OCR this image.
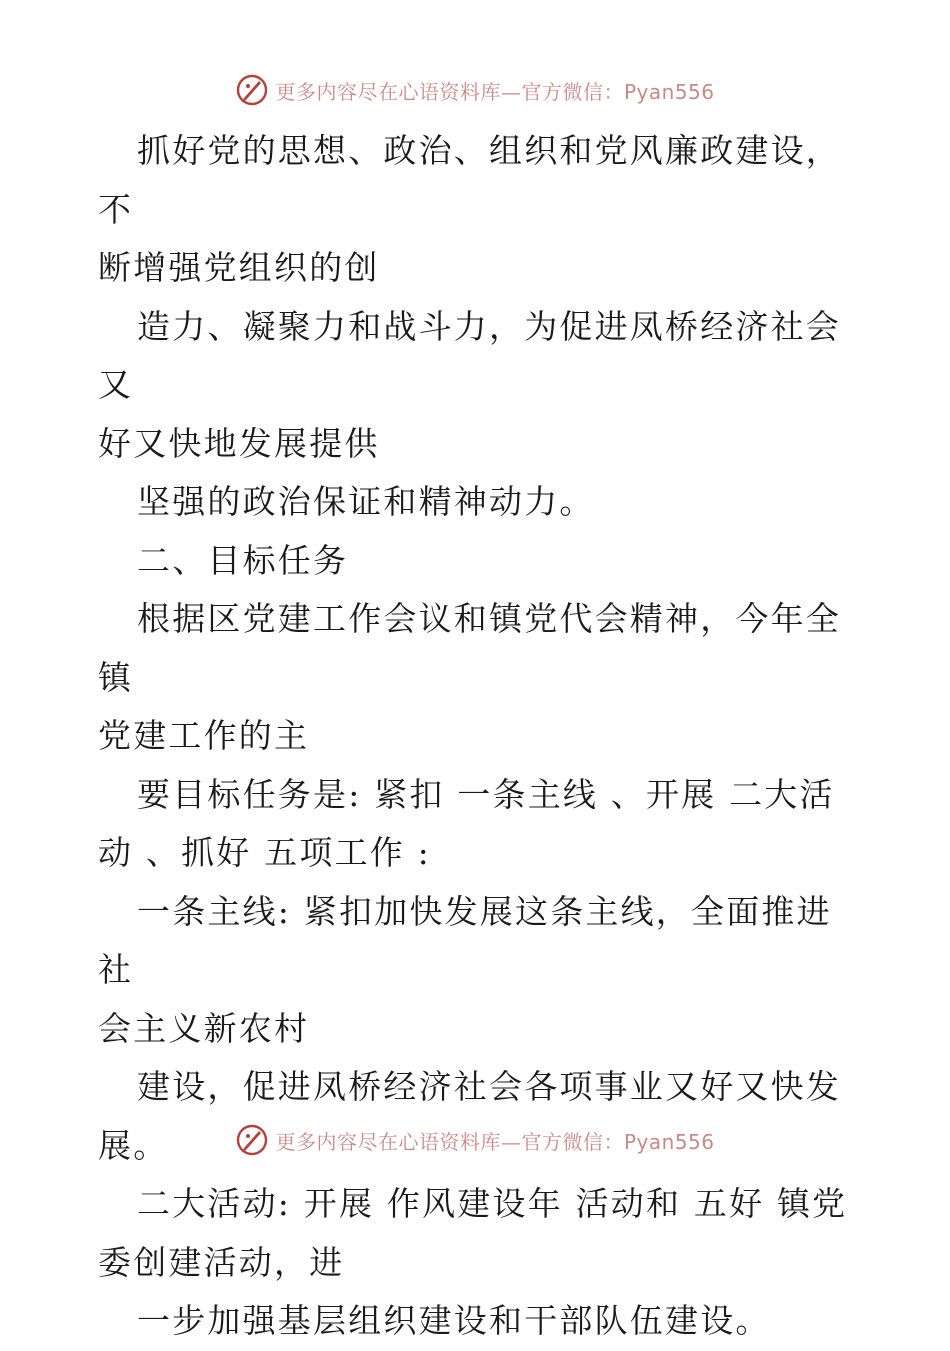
更多内容尽在心语资料库—官方微信：Pyan556

抓好党的思想、政治、组织和党风廉政建设，不
断增强党组织的创

造力、凝聚力和战斗力，为促进凤桥经济社会又
好又快地发展提供

坚强的政治保证和精神动力。

二、目标任务

根据区党建工作会议和镇党代会精神，今年全镇
党建工作的主

要目标任务是: 紧扣 一条主线 、开展 二大活
动 、抓好 五项工作 :

一条主线: 紧扣加快发展这条主线，全面推进社
会主义新农村

建设，促进凤桥经济社会各项事业又好又快发
展。

二大活动: 开展 作风建设年 活动和 五好 镇党
委创建活动，进

一步加强基层组织建设和干部队伍建设。

更多内容尽在心语资料库—官方微信：Pyan556
